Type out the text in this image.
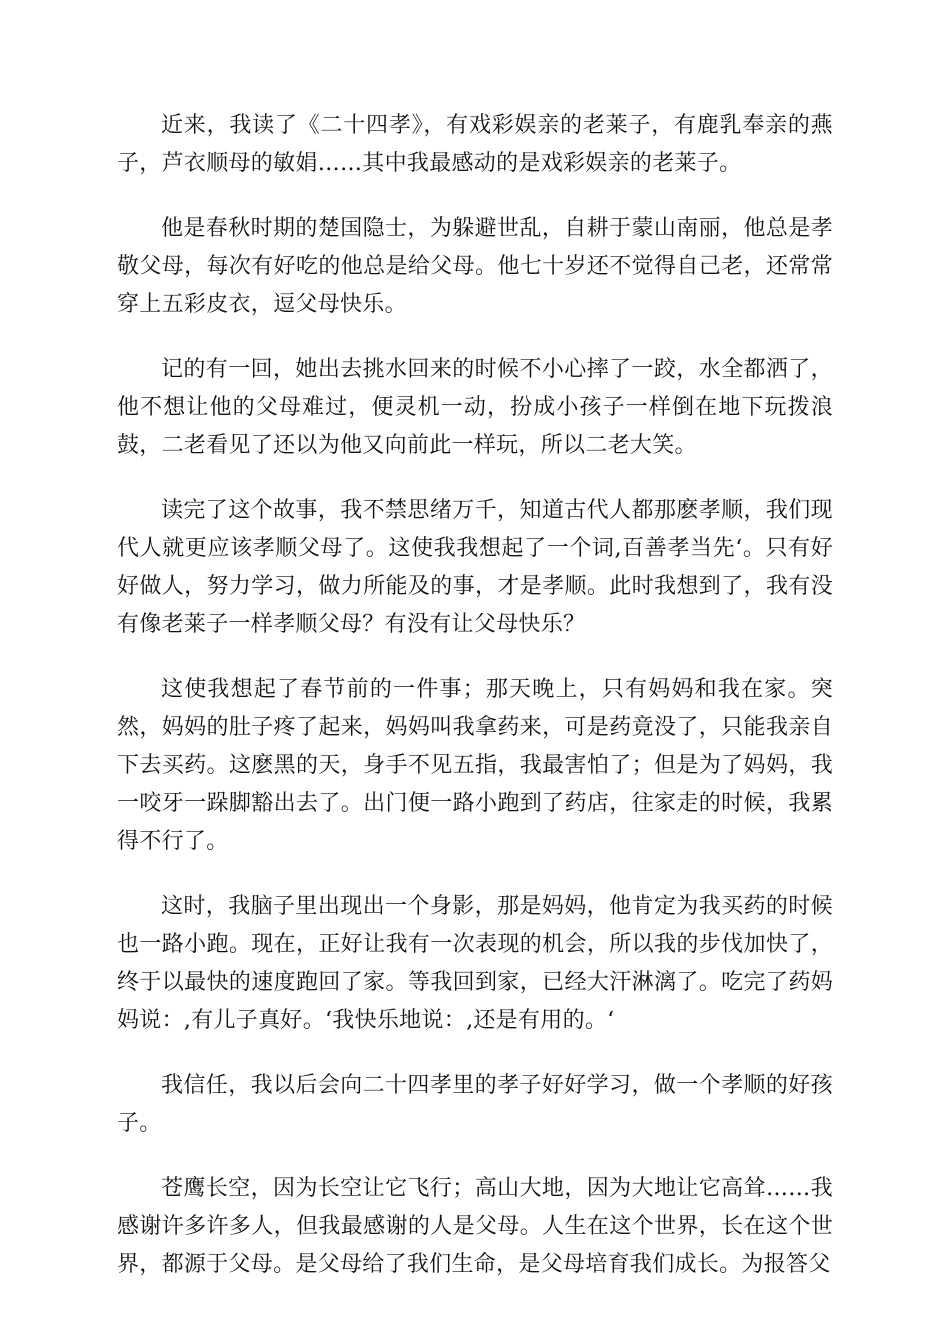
近来，我读了《二十四孝》，有戏彩娱亲的老莱子，有鹿乳奉亲的燕子，芦衣顺母的敏娟……其中我最感动的是戏彩娱亲的老莱子。

他是春秋时期的楚国隐士，为躲避世乱，自耕于蒙山南丽，他总是孝敬父母，每次有好吃的他总是给父母。他七十岁还不觉得自己老，还常常穿上五彩皮衣，逗父母快乐。

记的有一回，她出去挑水回来的时候不小心摔了一跤，水全都洒了，他不想让他的父母难过，便灵机一动，扮成小孩子一样倒在地下玩拨浪鼓，二老看见了还以为他又向前此一样玩，所以二老大笑。

读完了这个故事，我不禁思绪万千，知道古代人都那麽孝顺，我们现代人就更应该孝顺父母了。这使我我想起了一个词,百善孝当先‘。只有好好做人，努力学习，做力所能及的事，才是孝顺。此时我想到了，我有没有像老莱子一样孝顺父母？有没有让父母快乐？

这使我想起了春节前的一件事；那天晚上，只有妈妈和我在家。突然，妈妈的肚子疼了起来，妈妈叫我拿药来，可是药竟没了，只能我亲自下去买药。这麽黑的天，身手不见五指，我最害怕了；但是为了妈妈，我一咬牙一跺脚豁出去了。出门便一路小跑到了药店，往家走的时候，我累得不行了。

这时，我脑子里出现出一个身影，那是妈妈，他肯定为我买药的时候也一路小跑。现在，正好让我有一次表现的机会，所以我的步伐加快了，终于以最快的速度跑回了家。等我回到家，已经大汗淋漓了。吃完了药妈妈说：,有儿子真好。‘我快乐地说：,还是有用的。‘

我信任，我以后会向二十四孝里的孝子好好学习，做一个孝顺的好孩子。

苍鹰长空，因为长空让它飞行；高山大地，因为大地让它高耸……我感谢许多许多人，但我最感谢的人是父母。人生在这个世界，长在这个世界，都源于父母。是父母给了我们生命，是父母培育我们成长。为报答父
